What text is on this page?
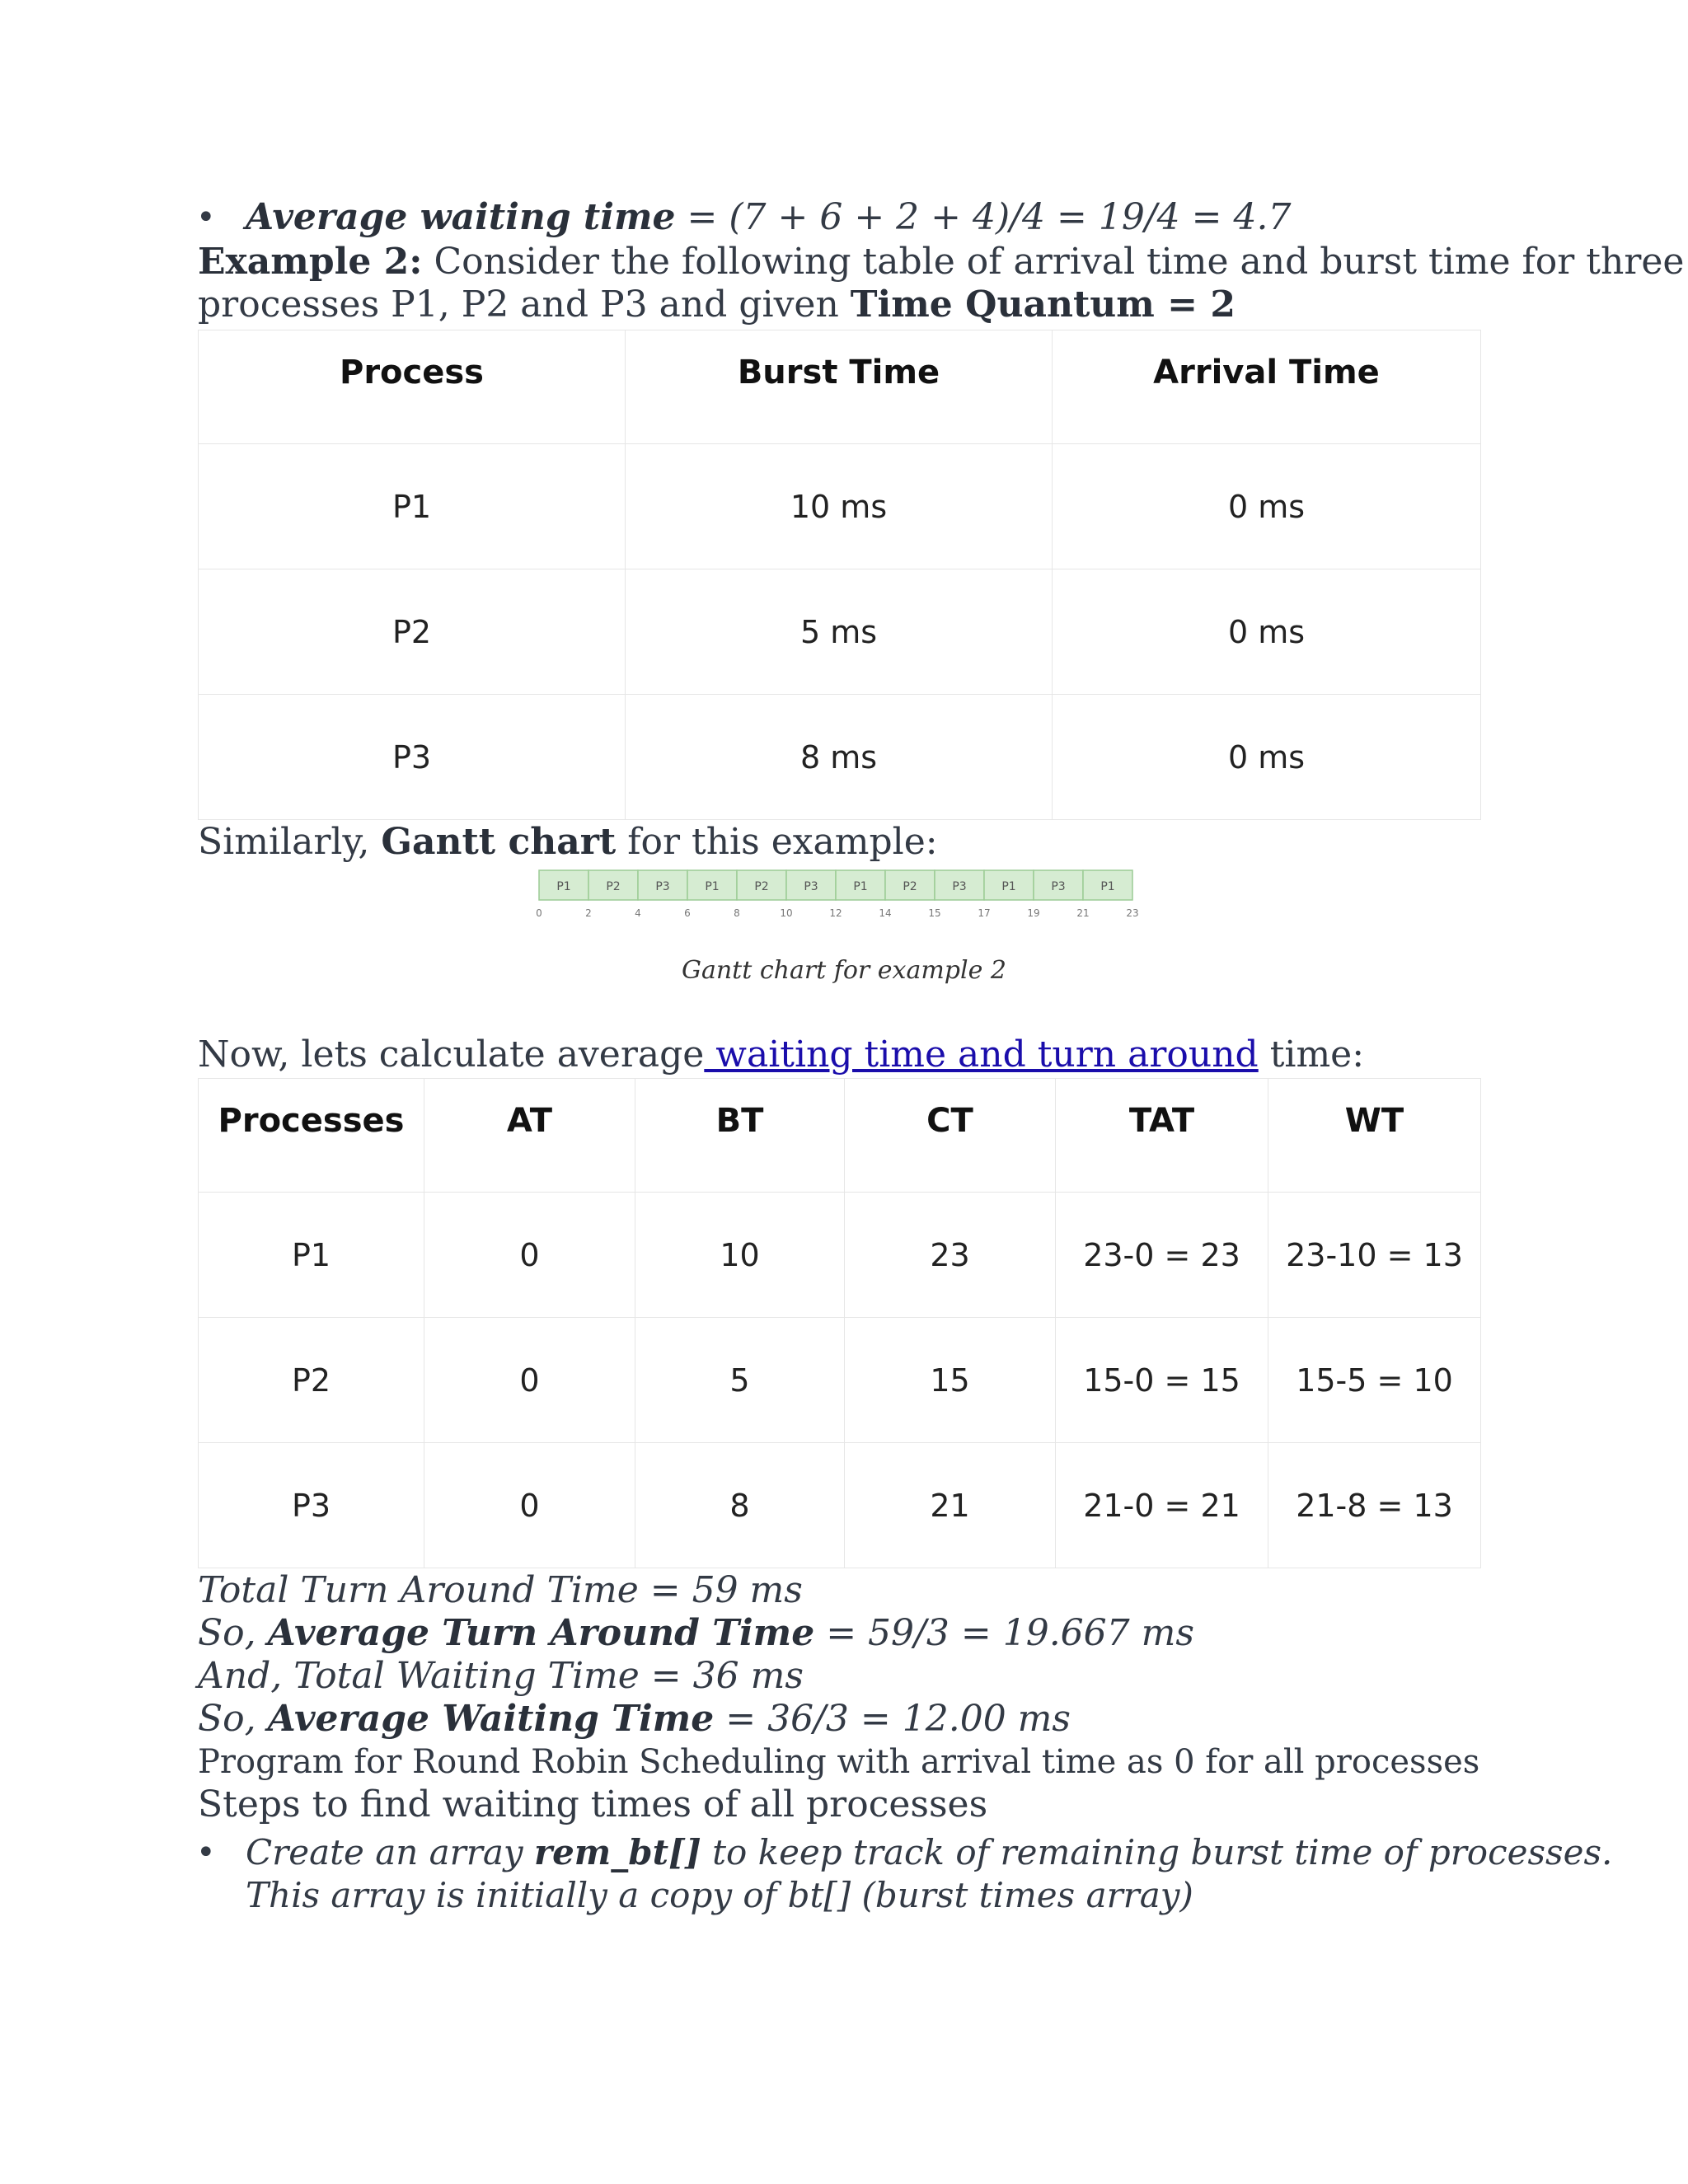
• Average waiting time = (7 + 6 + 2 + 4)/4 = 19/4 = 4.7
Example 2: Consider the following table of arrival time and burst time for three
processes P1, P2 and P3 and given Time Quantum = 2
Process	Burst Time	Arrival Time
P1	10 ms	0 ms
P2	5 ms	0 ms
P3	8 ms	0 ms
Similarly, Gantt chart for this example:
P1	P2	P3	P1	P2	P3	P1	P2	P3	P1	P3	P1
0	2	4	6	8	10	12	14	15	17	19	21	23
Gantt chart for example 2
Now, lets calculate average waiting time and turn around time:
Processes	AT	BT	CT	TAT	WT
P1	0	10	23	23-0 = 23	23-10 = 13
P2	0	5	15	15-0 = 15	15-5 = 10
P3	0	8	21	21-0 = 21	21-8 = 13
Total Turn Around Time = 59 ms
So, Average Turn Around Time = 59/3 = 19.667 ms
And, Total Waiting Time = 36 ms
So, Average Waiting Time = 36/3 = 12.00 ms
Program for Round Robin Scheduling with arrival time as 0 for all processes
Steps to find waiting times of all processes
• Create an array rem_bt[] to keep track of remaining burst time of processes.
This array is initially a copy of bt[] (burst times array)
